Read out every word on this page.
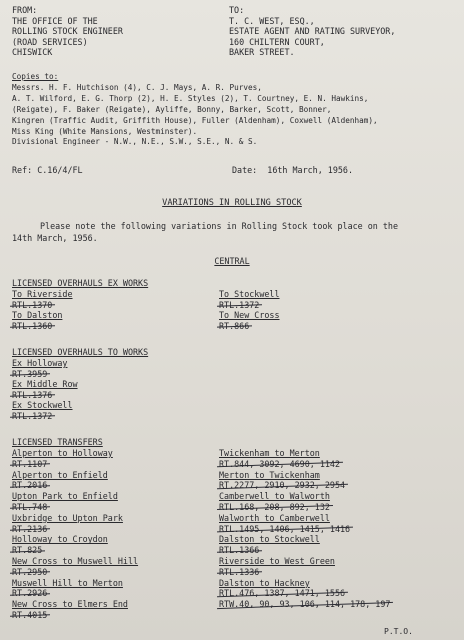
FROM:
THE OFFICE OF THE
ROLLING STOCK ENGINEER
(ROAD SERVICES)
CHISWICK
TO:
T. C. WEST, ESQ.,
ESTATE AGENT AND RATING SURVEYOR,
160 CHILTERN COURT,
BAKER STREET.
Copies to:
Messrs. H. F. Hutchison (4), C. J. Mays, A. R. Purves,
A. T. Wilford, E. G. Thorp (2), H. E. Styles (2), T. Courtney, E. N. Hawkins,
(Reigate), F. Baker (Reigate), Ayliffe, Bonny, Barker, Scott, Bonner,
Kingren (Traffic Audit, Griffith House), Fuller (Aldenham), Coxwell (Aldenham),
Miss King (White Mansions, Westminster).
Divisional Engineer - N.W., N.E., S.W., S.E., N. & S.
Ref: C.16/4/FL	Date:  16th March, 1956.
VARIATIONS IN ROLLING STOCK
Please note the following variations in Rolling Stock took place on the
14th March, 1956.
CENTRAL
LICENSED OVERHAULS EX WORKS
To Riverside
RTL.1370
To Dalston
RTL.1360
To Stockwell
RTL.1372
To New Cross
RT.866
LICENSED OVERHAULS TO WORKS
Ex Holloway
RT.3959
Ex Middle Row
RTL.1376
Ex Stockwell
RTL.1372
LICENSED TRANSFERS
Alperton to Holloway
RT.1107
Alperton to Enfield
RT.2016
Upton Park to Enfield
RTL.748
Uxbridge to Upton Park
RT.2136
Holloway to Croydon
RT.825
New Cross to Muswell Hill
RT.2950
Muswell Hill to Merton
RT.2926
New Cross to Elmers End
RT.4015
Twickenham to Merton
RT.844, 3092, 4690, 1142
Merton to Twickenham
RT.2277, 2910, 2932, 2954
Camberwell to Walworth
RTL.168, 208, 892, 132
Walworth to Camberwell
RTL.1495, 1406, 1415, 1416
Dalston to Stockwell
RTL.1366
Riverside to West Green
RTL.1336
Dalston to Hackney
RTL.476, 1387, 1471, 1556
RTW.40, 90, 93, 106, 114, 178, 197
P.T.O.
